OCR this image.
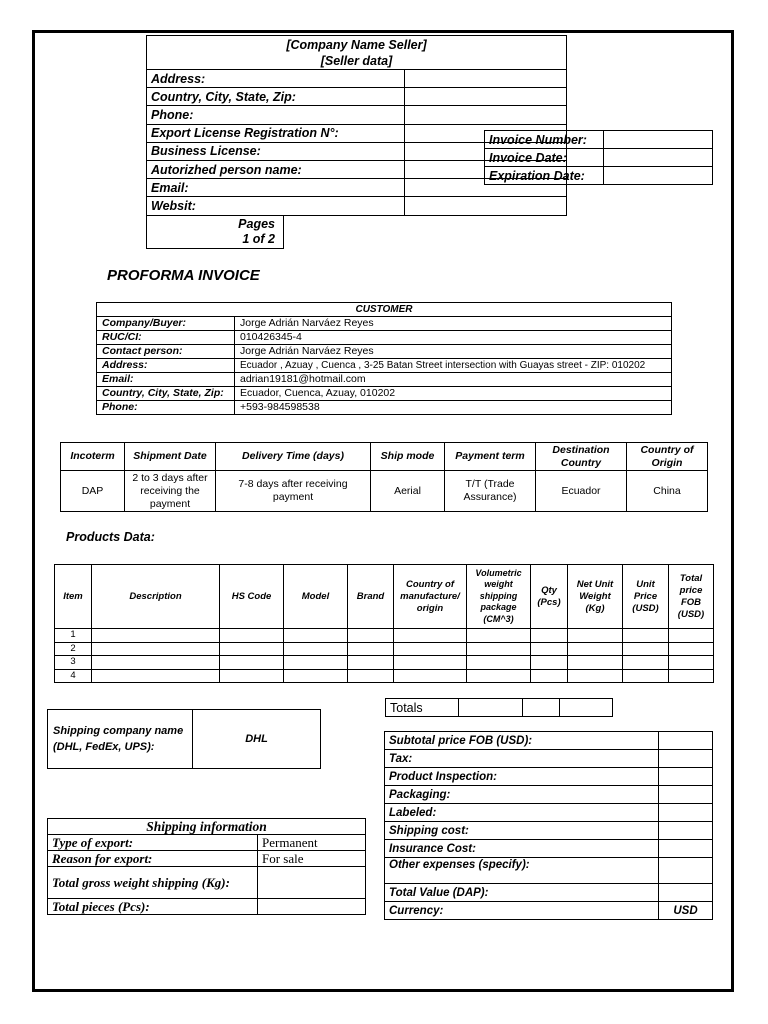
[Company Name Seller]
[Seller data]		

Address:		
Country, City, State, Zip:		
Phone:		
Export License Registration N°:		
Business License:		
Autorizhed person name:		
Email:		
Websit:		
Pages
1 of 2
Invoice Number:	
Invoice Date:	
Expiration Date:	
PROFORMA INVOICE
CUSTOMER	
Company/Buyer:	Jorge Adrián Narváez Reyes
RUC/CI:	010426345-4
Contact person:	Jorge Adrián Narváez Reyes
Address:	Ecuador , Azuay , Cuenca , 3-25 Batan Street intersection with Guayas street - ZIP: 010202
Email:	adrian19181@hotmail.com
Country, City, State, Zip:	Ecuador, Cuenca, Azuay, 010202
Phone:	+593-984598538
Incoterm	Shipment Date	Delivery Time (days)	Ship mode	Payment term	Destination Country	Country of Origin
DAP	2 to 3 days after receiving the payment	7-8 days after receiving payment	Aerial	T/T (Trade Assurance)	Ecuador	China
Products Data:
Item	Description	HS Code	Model	Brand	Country of manufacture/ origin	Volumetric weight shipping package (CM^3)	Qty (Pcs)	Net Unit Weight (Kg)	Unit Price (USD)	Total price FOB (USD)
1										
2										
3										
4										
Shipping company name (DHL, FedEx, UPS):	DHL
Totals			
Subtotal price FOB (USD):	
Tax:	
Product Inspection:	
Packaging:	
Labeled:	
Shipping cost:	
Insurance Cost:	
Other expenses (specify):	
Total Value (DAP):	
Currency:	USD
Shipping information	
Type of export:	Permanent
Reason for export:	For sale
Total gross weight shipping (Kg):	
Total pieces (Pcs):	
